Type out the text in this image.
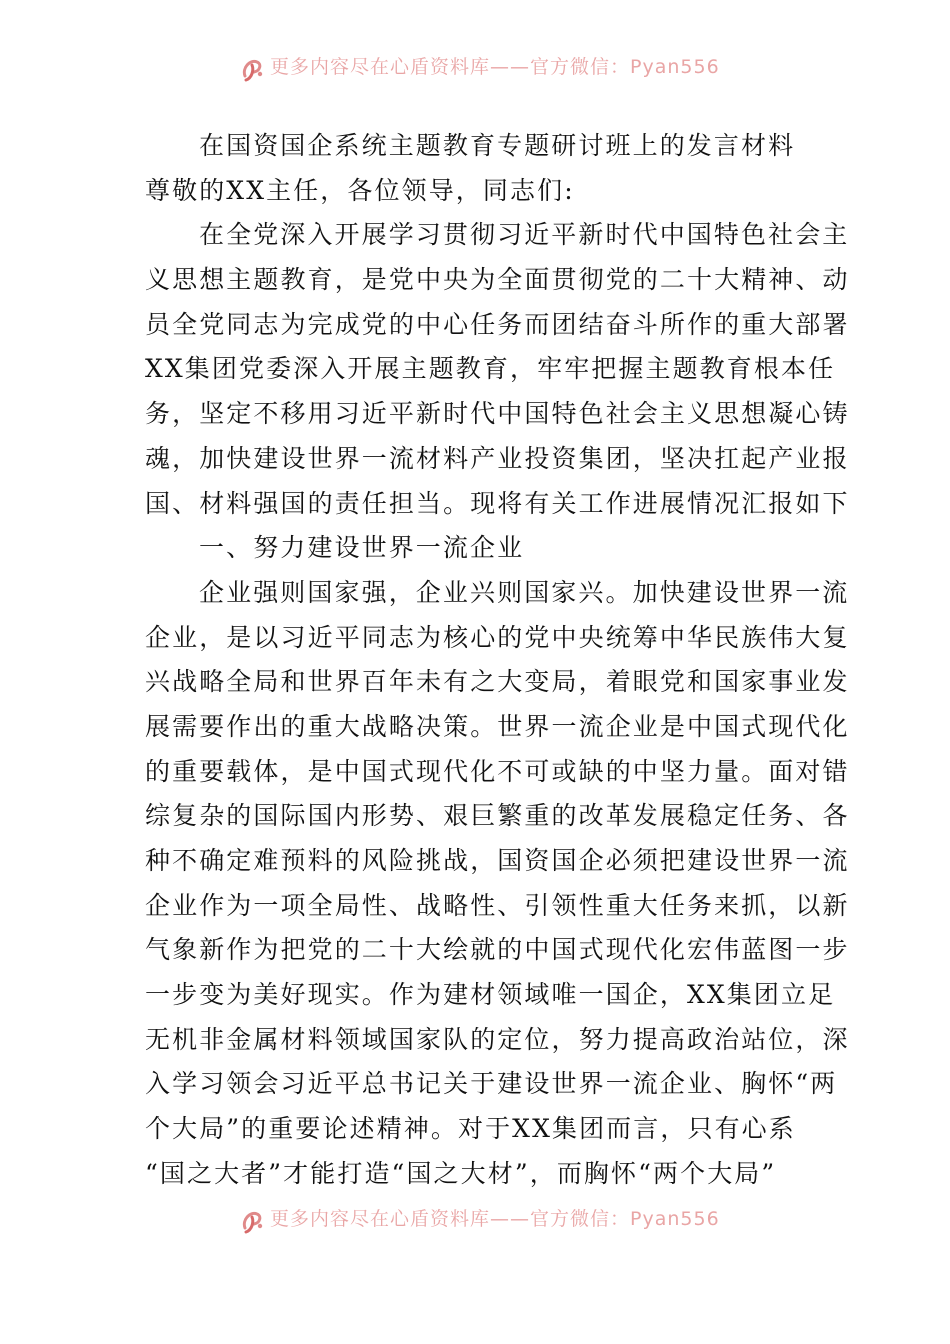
更多内容尽在心盾资料库——官方微信：Pyan556
在国资国企系统主题教育专题研讨班上的发言材料
尊敬的XX主任，各位领导，同志们:
在全党深入开展学习贯彻习近平新时代中国特色社会主
义思想主题教育，是党中央为全面贯彻党的二十大精神、动
员全党同志为完成党的中心任务而团结奋斗所作的重大部署
XX集团党委深入开展主题教育，牢牢把握主题教育根本任
务，坚定不移用习近平新时代中国特色社会主义思想凝心铸
魂，加快建设世界一流材料产业投资集团，坚决扛起产业报
国、材料强国的责任担当。现将有关工作进展情况汇报如下
一、努力建设世界一流企业
企业强则国家强，企业兴则国家兴。加快建设世界一流
企业，是以习近平同志为核心的党中央统筹中华民族伟大复
兴战略全局和世界百年未有之大变局，着眼党和国家事业发
展需要作出的重大战略决策。世界一流企业是中国式现代化
的重要载体，是中国式现代化不可或缺的中坚力量。面对错
综复杂的国际国内形势、艰巨繁重的改革发展稳定任务、各
种不确定难预料的风险挑战，国资国企必须把建设世界一流
企业作为一项全局性、战略性、引领性重大任务来抓，以新
气象新作为把党的二十大绘就的中国式现代化宏伟蓝图一步
一步变为美好现实。作为建材领域唯一国企，XX集团立足
无机非金属材料领域国家队的定位，努力提高政治站位，深
入学习领会习近平总书记关于建设世界一流企业、胸怀“两
个大局”的重要论述精神。对于XX集团而言，只有心系
“国之大者”才能打造“国之大材”，而胸怀“两个大局”
更多内容尽在心盾资料库——官方微信：Pyan556
